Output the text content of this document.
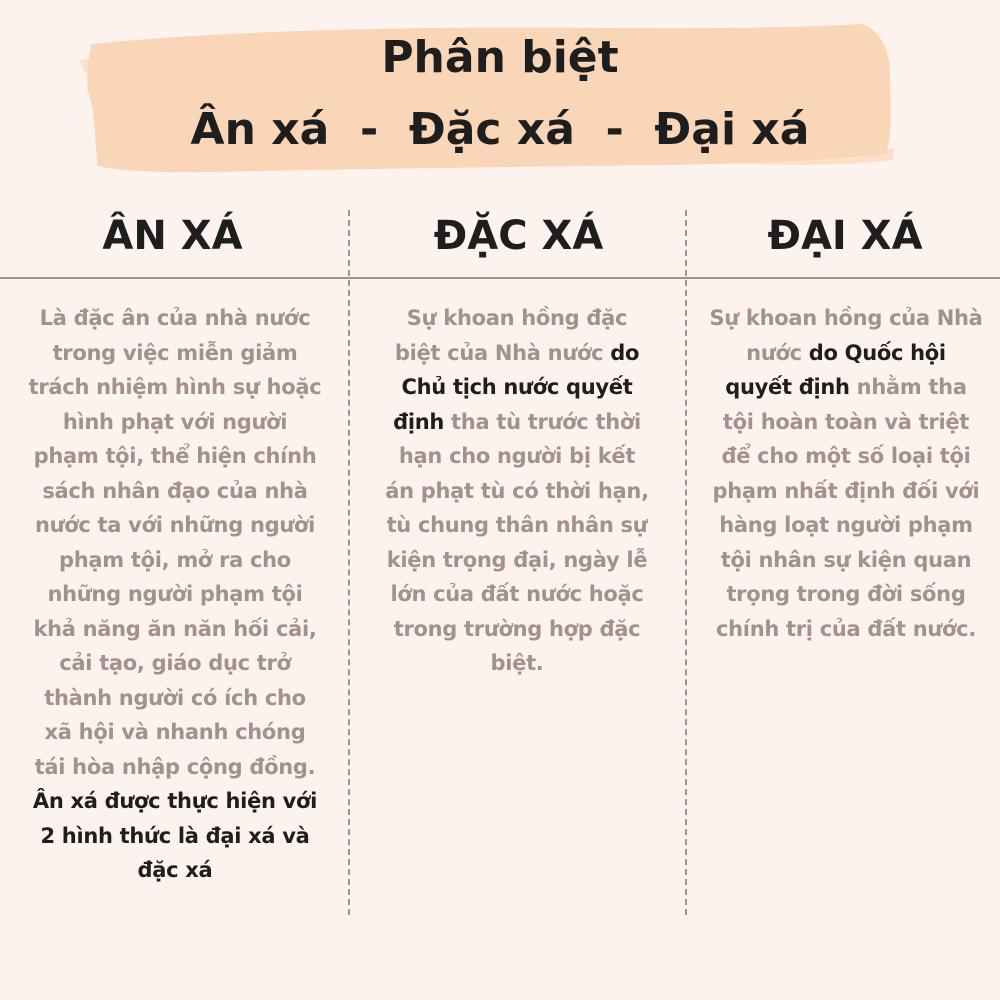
Phân biệt
Ân xá  -  Đặc xá  -  Đại xá
ÂN XÁ	ĐẶC XÁ	ĐẠI XÁ
Là đặc ân của nhà nước
trong việc miễn giảm
trách nhiệm hình sự hoặc
hình phạt với người
phạm tội, thể hiện chính
sách nhân đạo của nhà
nước ta với những người
phạm tội, mở ra cho
những người phạm tội
khả năng ăn năn hối cải,
cải tạo, giáo dục trở
thành người có ích cho
xã hội và nhanh chóng
tái hòa nhập cộng đồng.
Ân xá được thực hiện với
2 hình thức là đại xá và
đặc xá
Sự khoan hồng đặc
biệt của Nhà nước do
Chủ tịch nước quyết
định tha tù trước thời
hạn cho người bị kết
án phạt tù có thời hạn,
tù chung thân nhân sự
kiện trọng đại, ngày lễ
lớn của đất nước hoặc
trong trường hợp đặc
biệt.
Sự khoan hồng của Nhà
nước do Quốc hội
quyết định nhằm tha
tội hoàn toàn và triệt
để cho một số loại tội
phạm nhất định đối với
hàng loạt người phạm
tội nhân sự kiện quan
trọng trong đời sống
chính trị của đất nước.
